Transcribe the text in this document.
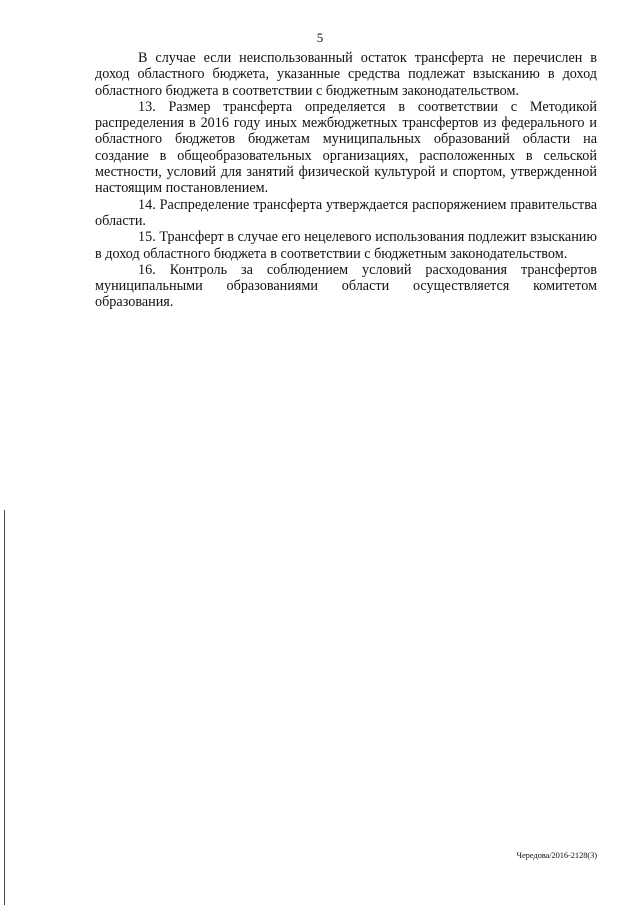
5

В случае если неиспользованный остаток трансферта не перечислен в доход областного бюджета, указанные средства подлежат взысканию в доход областного бюджета в соответствии с бюджетным законодательством.

13. Размер трансферта определяется в соответствии с Методикой распределения в 2016 году иных межбюджетных трансфертов из федерального и областного бюджетов бюджетам муниципальных образований области на создание в общеобразовательных организациях, расположенных в сельской местности, условий для занятий физической культурой и спортом, утвержденной настоящим постановлением.

14. Распределение трансферта утверждается распоряжением правительства области.

15. Трансферт в случае его нецелевого использования подлежит взысканию в доход областного бюджета в соответствии с бюджетным законодательством.

16. Контроль за соблюдением условий расходования трансфертов муниципальными образованиями области осуществляется комитетом образования.

Чередова/2016-2128(3)
